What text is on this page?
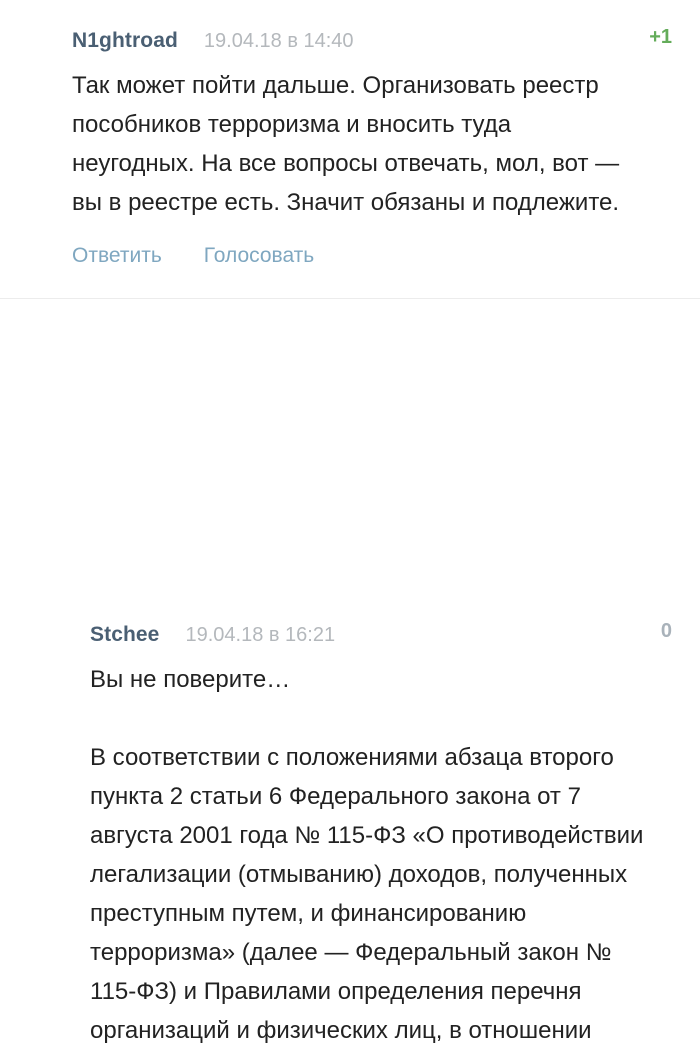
N1ghtroad 19.04.18 в 14:40	+1

Так может пойти дальше. Организовать реестр

пособников терроризма и вносить туда

неугодных. На все вопросы отвечать, мол, вот —

вы в реестре есть. Значит обязаны и подлежите.

Ответить Голосовать
Stchee 19.04.18 в 16:21	0

Вы не поверите…

В соответствии с положениями абзаца второго

пункта 2 статьи 6 Федерального закона от 7

августа 2001 года № 115-ФЗ «О противодействии

легализации (отмыванию) доходов, полученных

преступным путем, и финансированию

терроризма» (далее — Федеральный закон №

115-ФЗ) и Правилами определения перечня

организаций и физических лиц, в отношении
